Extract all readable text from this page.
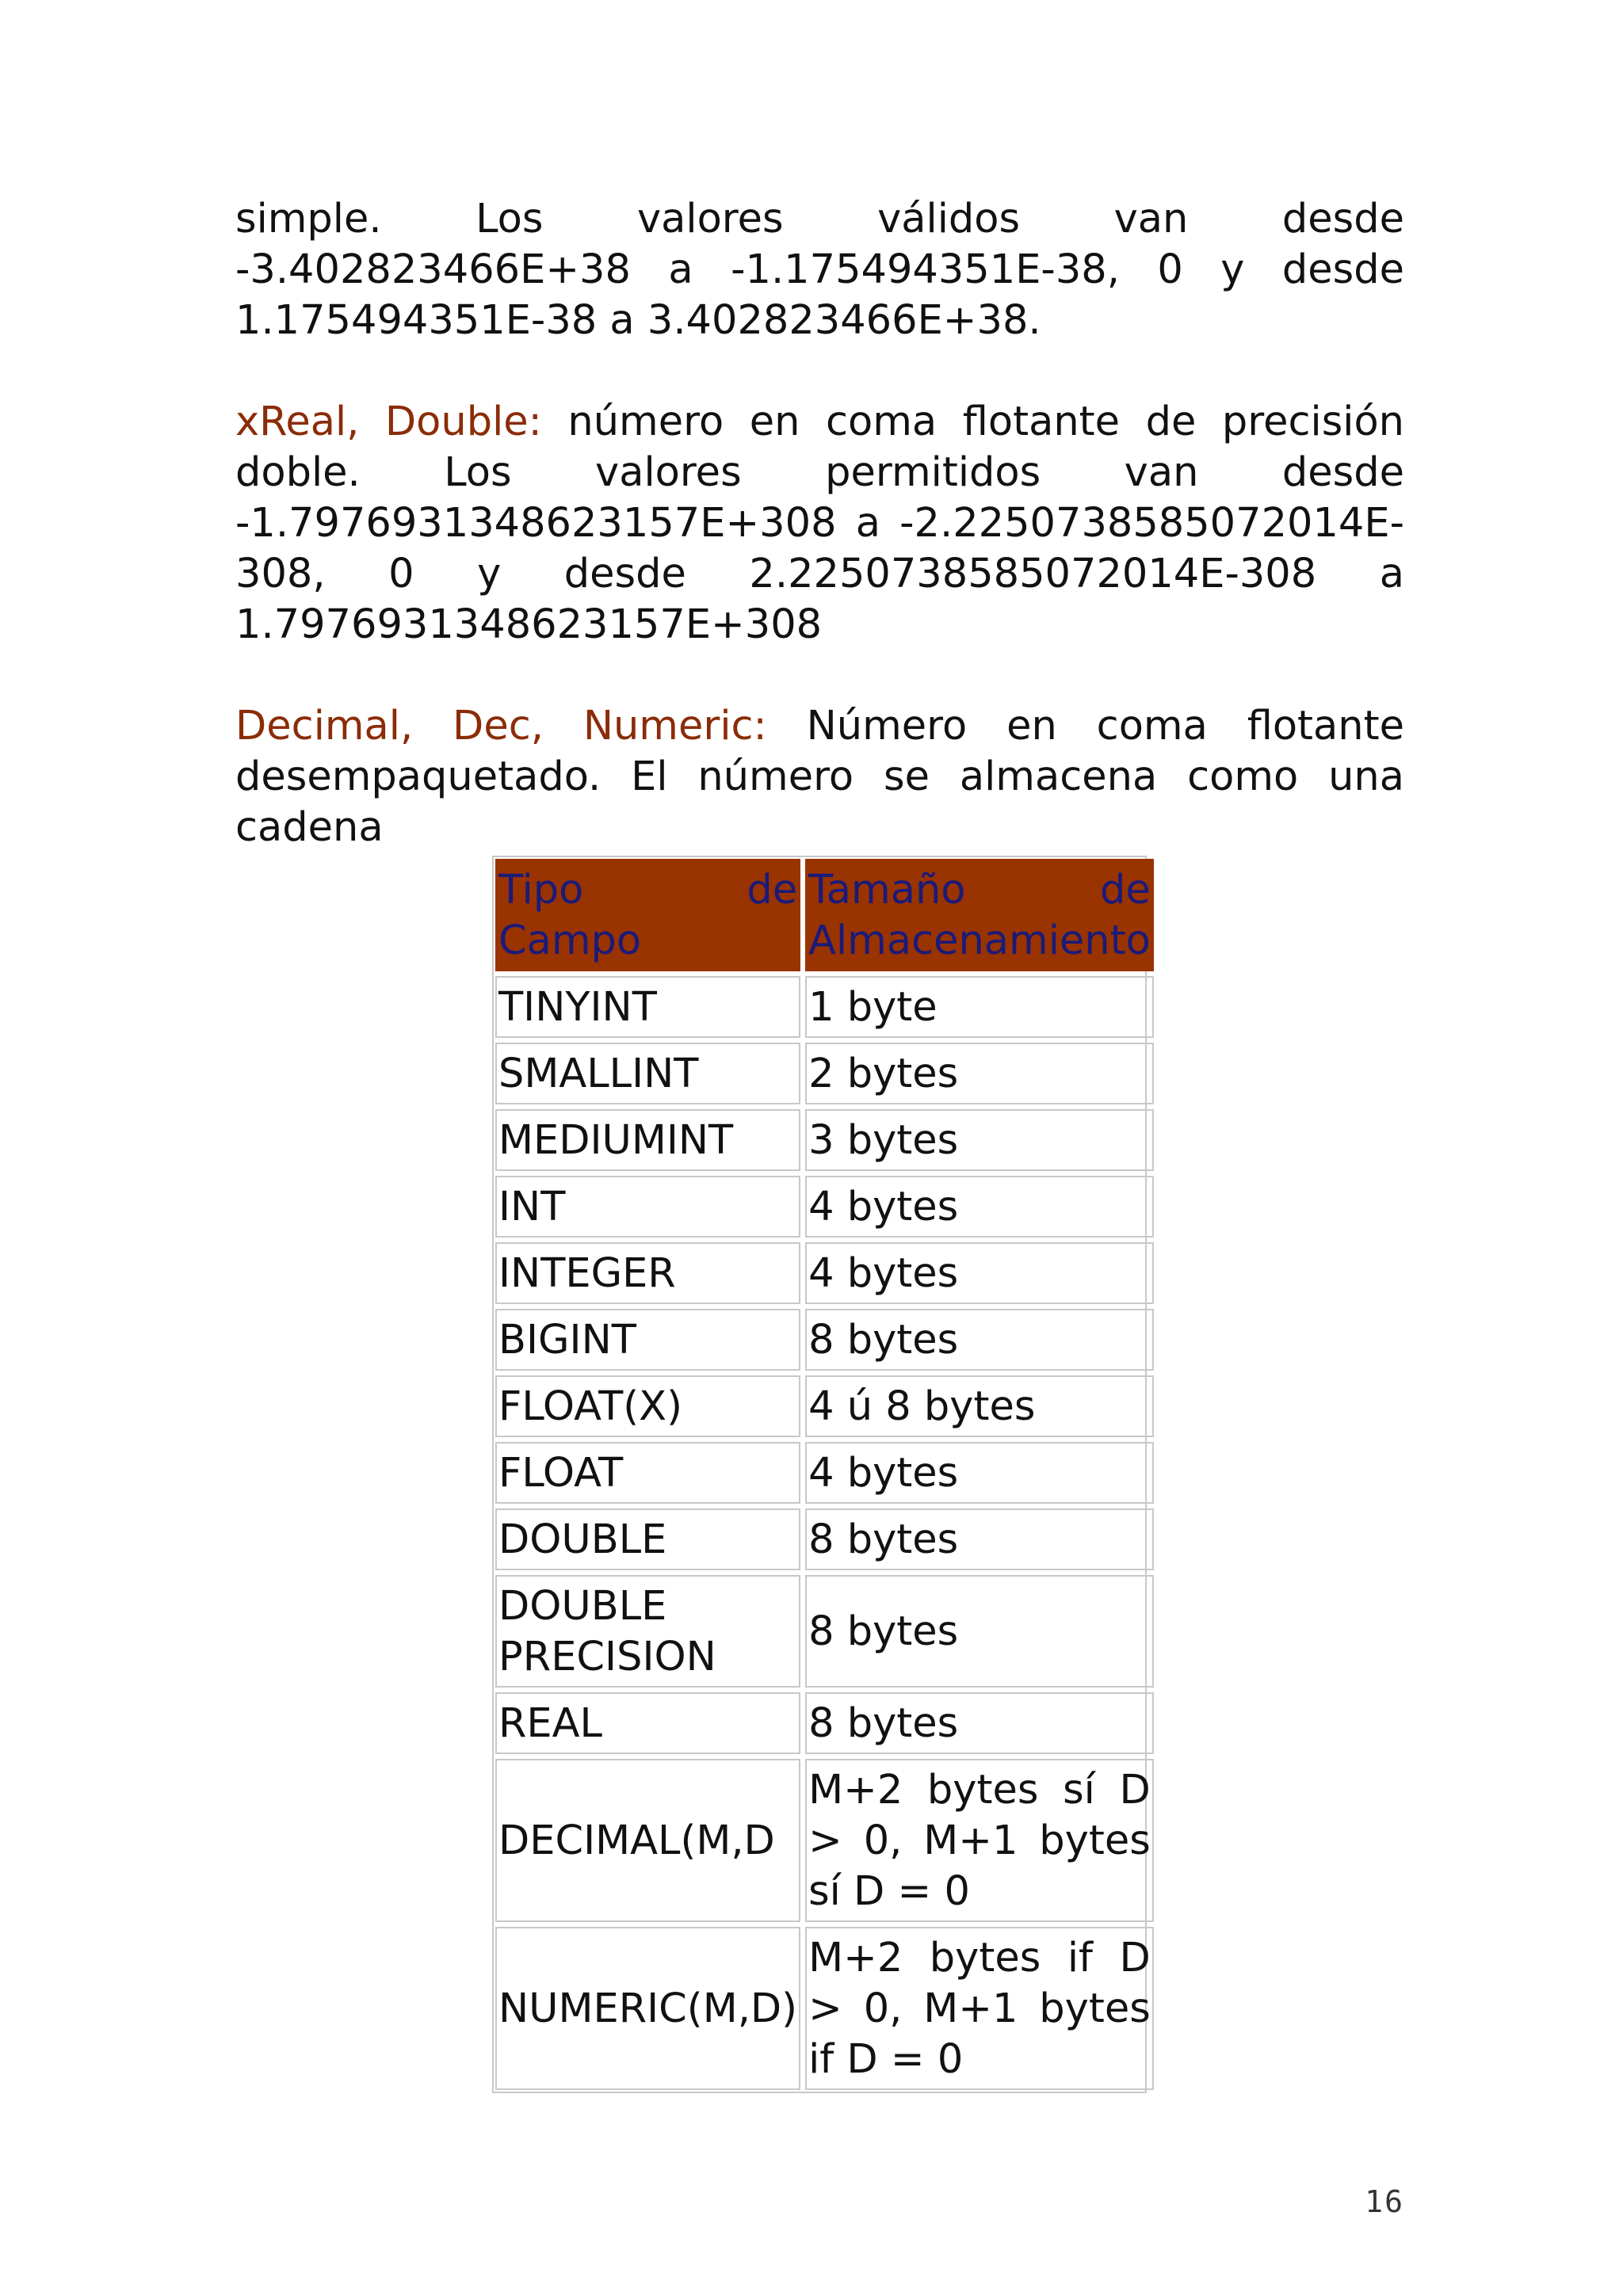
simple. Los valores válidos van desde -3.402823466E+38 a -1.175494351E-38, 0 y desde 1.175494351E-38 a 3.402823466E+38.

xReal, Double: número en coma flotante de precisión doble. Los valores permitidos van desde -1.7976931348623157E+308 a -2.2250738585072014E-308, 0 y desde 2.2250738585072014E-308 a 1.7976931348623157E+308

Decimal, Dec, Numeric: Número en coma flotante desempaquetado. El número se almacena como una cadena

Tipo de Campo	Tamaño de Almacenamiento
TINYINT	1 byte
SMALLINT	2 bytes
MEDIUMINT	3 bytes
INT	4 bytes
INTEGER	4 bytes
BIGINT	8 bytes
FLOAT(X)	4 ú 8 bytes
FLOAT	4 bytes
DOUBLE	8 bytes
DOUBLE PRECISION	8 bytes
REAL	8 bytes
DECIMAL(M,D	M+2 bytes sí D > 0, M+1 bytes sí D = 0
NUMERIC(M,D)	M+2 bytes if D > 0, M+1 bytes if D = 0
16
